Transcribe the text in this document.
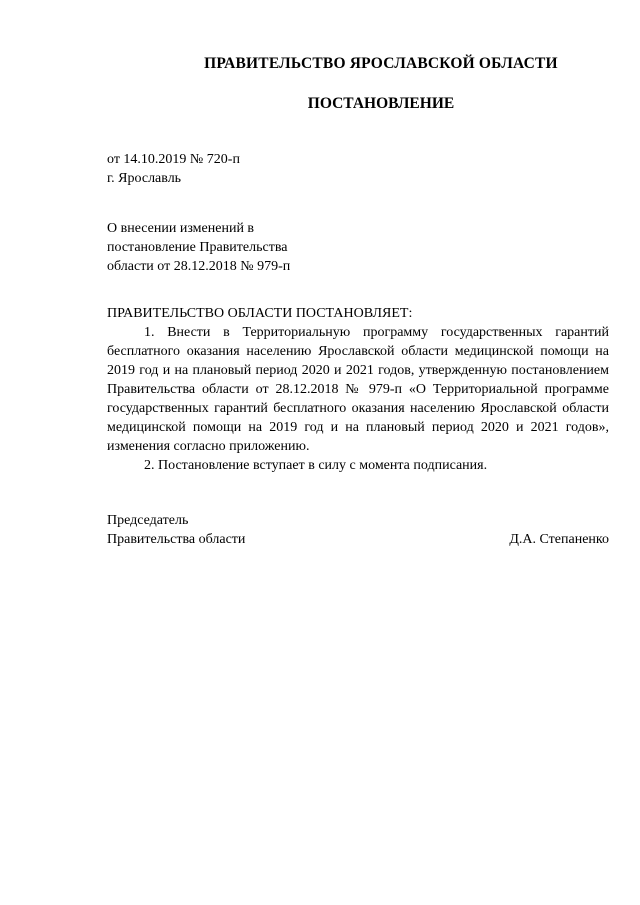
ПРАВИТЕЛЬСТВО ЯРОСЛАВСКОЙ ОБЛАСТИ
ПОСТАНОВЛЕНИЕ
от 14.10.2019 № 720-п
г. Ярославль
О внесении изменений в
постановление Правительства
области от 28.12.2018 № 979-п

ПРАВИТЕЛЬСТВО ОБЛАСТИ ПОСТАНОВЛЯЕТ:

1. Внести в Территориальную программу государственных гарантий бесплатного оказания населению Ярославской области медицинской помощи на 2019 год и на плановый период 2020 и 2021 годов, утвержденную постановлением Правительства области от 28.12.2018 № 979-п «О Территориальной программе государственных гарантий бесплатного оказания населению Ярославской области медицинской помощи на 2019 год и на плановый период 2020 и 2021 годов», изменения согласно приложению.

2. Постановление вступает в силу с момента подписания.

Председатель
Правительства области	Д.А. Степаненко
